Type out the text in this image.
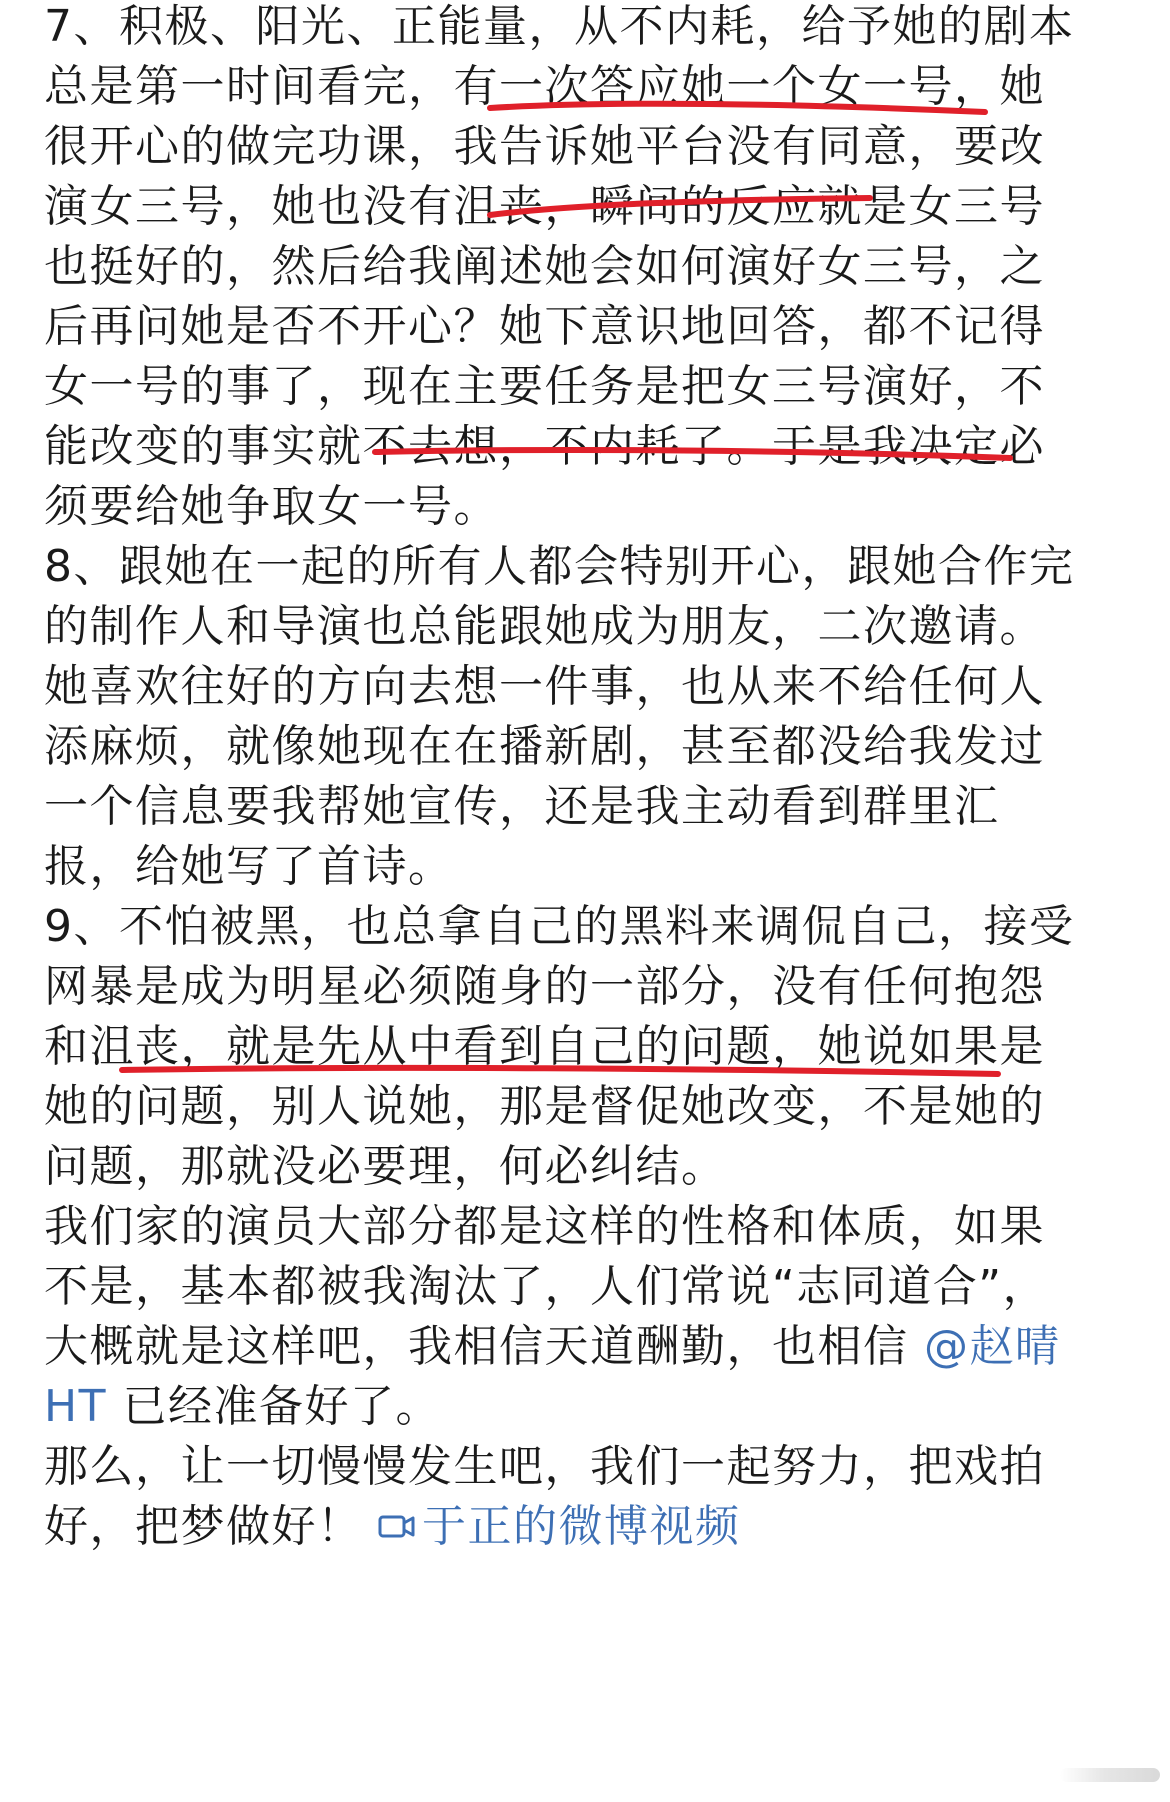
7、积极、阳光、正能量，从不内耗，给予她的剧本
总是第一时间看完，有一次答应她一个女一号，她
很开心的做完功课，我告诉她平台没有同意，要改
演女三号，她也没有沮丧，瞬间的反应就是女三号
也挺好的，然后给我阐述她会如何演好女三号，之
后再问她是否不开心？她下意识地回答，都不记得
女一号的事了，现在主要任务是把女三号演好，不
能改变的事实就不去想，不内耗了。于是我决定必
须要给她争取女一号。
8、跟她在一起的所有人都会特别开心，跟她合作完
的制作人和导演也总能跟她成为朋友，二次邀请。
她喜欢往好的方向去想一件事，也从来不给任何人
添麻烦，就像她现在在播新剧，甚至都没给我发过
一个信息要我帮她宣传，还是我主动看到群里汇
报，给她写了首诗。
9、不怕被黑，也总拿自己的黑料来调侃自己，接受
网暴是成为明星必须随身的一部分，没有任何抱怨
和沮丧，就是先从中看到自己的问题，她说如果是
她的问题，别人说她，那是督促她改变，不是她的
问题，那就没必要理，何必纠结。
我们家的演员大部分都是这样的性格和体质，如果
不是，基本都被我淘汰了，人们常说“志同道合”，
大概就是这样吧，我相信天道酬勤，也相信 @赵晴
HT 已经准备好了。
那么，让一切慢慢发生吧，我们一起努力，把戏拍
好，把梦做好！ 于正的微博视频
